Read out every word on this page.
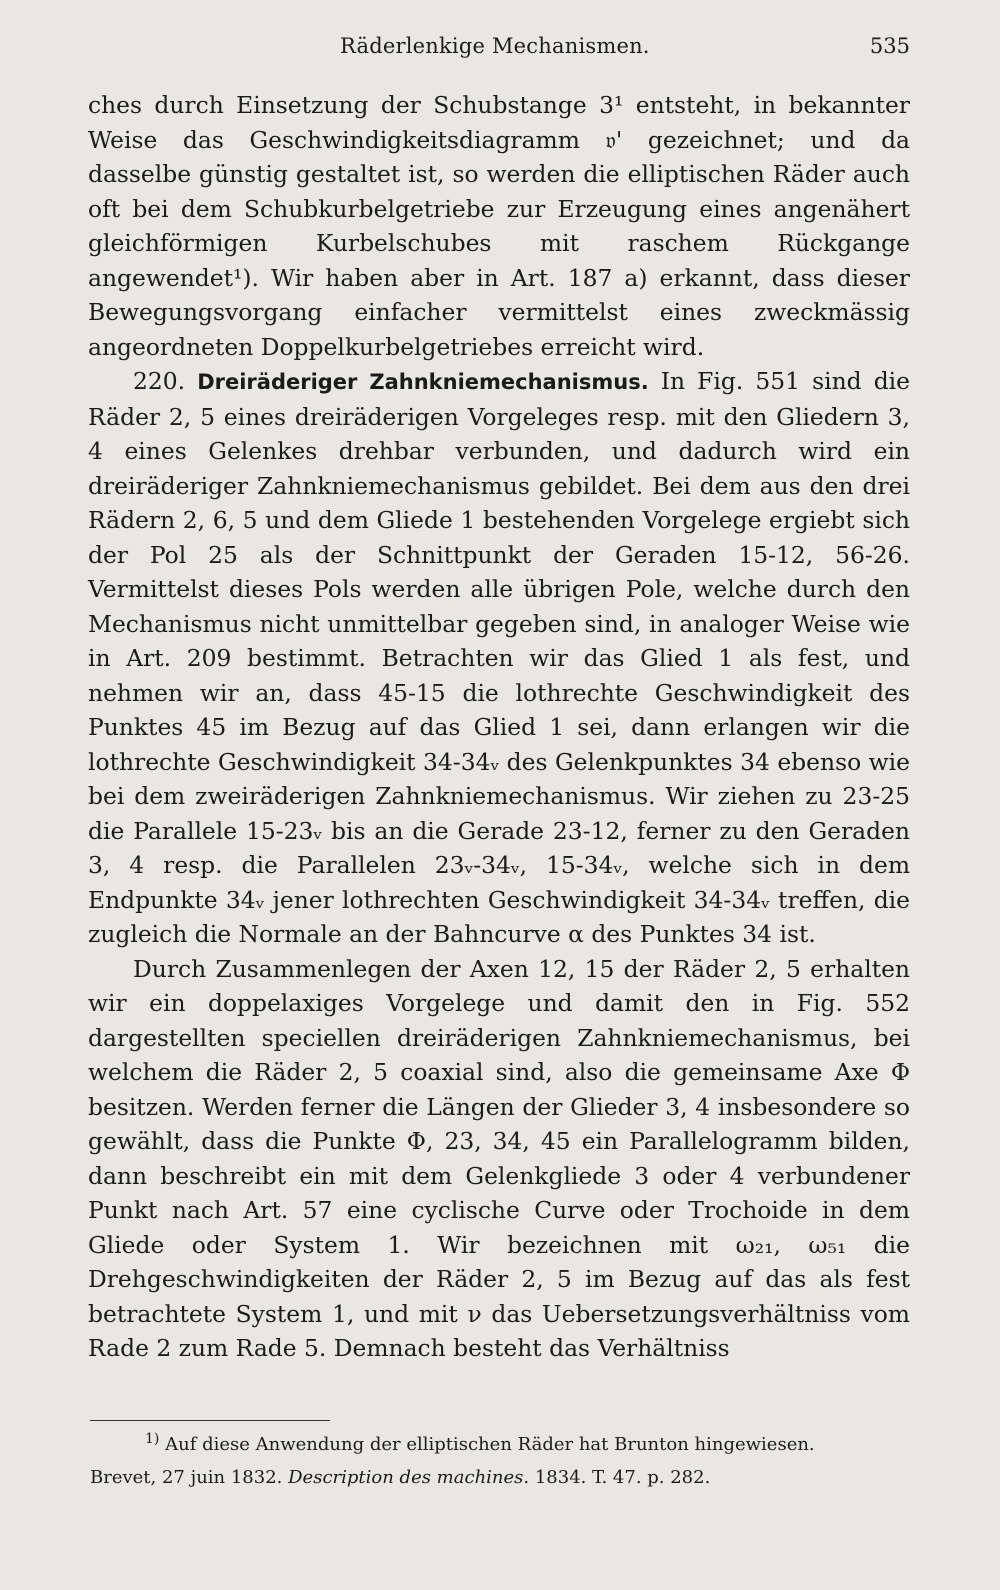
Räderlenkige Mechanismen.	535

ches durch Einsetzung der Schubstange 3¹ entsteht, in bekannter Weise das Geschwindigkeitsdiagramm 𝔳' gezeichnet; und da dasselbe günstig gestaltet ist, so werden die elliptischen Räder auch oft bei dem Schubkurbelgetriebe zur Erzeugung eines angenähert gleichförmigen Kurbelschubes mit raschem Rückgange angewendet¹). Wir haben aber in Art. 187 a) erkannt, dass dieser Bewegungsvorgang einfacher vermittelst eines zweckmässig angeordneten Doppelkurbelgetriebes erreicht wird.

220. Dreiräderiger Zahnkniemechanismus. In Fig. 551 sind die Räder 2, 5 eines dreiräderigen Vorgeleges resp. mit den Gliedern 3, 4 eines Gelenkes drehbar verbunden, und dadurch wird ein dreiräderiger Zahnkniemechanismus gebildet. Bei dem aus den drei Rädern 2, 6, 5 und dem Gliede 1 bestehenden Vorgelege ergiebt sich der Pol 25 als der Schnittpunkt der Geraden 15-12, 56-26. Vermittelst dieses Pols werden alle übrigen Pole, welche durch den Mechanismus nicht unmittelbar gegeben sind, in analoger Weise wie in Art. 209 bestimmt. Betrachten wir das Glied 1 als fest, und nehmen wir an, dass 45-15 die lothrechte Geschwindigkeit des Punktes 45 im Bezug auf das Glied 1 sei, dann erlangen wir die lothrechte Geschwindigkeit 34-34ᵥ des Gelenkpunktes 34 ebenso wie bei dem zweiräderigen Zahnkniemechanismus. Wir ziehen zu 23-25 die Parallele 15-23ᵥ bis an die Gerade 23-12, ferner zu den Geraden 3, 4 resp. die Parallelen 23ᵥ-34ᵥ, 15-34ᵥ, welche sich in dem Endpunkte 34ᵥ jener lothrechten Geschwindigkeit 34-34ᵥ treffen, die zugleich die Normale an der Bahncurve α des Punktes 34 ist.

Durch Zusammenlegen der Axen 12, 15 der Räder 2, 5 erhalten wir ein doppelaxiges Vorgelege und damit den in Fig. 552 dargestellten speciellen dreiräderigen Zahnkniemechanismus, bei welchem die Räder 2, 5 coaxial sind, also die gemeinsame Axe Φ besitzen. Werden ferner die Längen der Glieder 3, 4 insbesondere so gewählt, dass die Punkte Φ, 23, 34, 45 ein Parallelogramm bilden, dann beschreibt ein mit dem Gelenkgliede 3 oder 4 verbundener Punkt nach Art. 57 eine cyclische Curve oder Trochoide in dem Gliede oder System 1. Wir bezeichnen mit ω₂₁, ω₅₁ die Drehgeschwindigkeiten der Räder 2, 5 im Bezug auf das als fest betrachtete System 1, und mit ν das Uebersetzungsverhältniss vom Rade 2 zum Rade 5. Demnach besteht das Verhältniss

$^{1)}$ Auf diese Anwendung der elliptischen Räder hat Brunton hingewiesen.
Brevet, 27 juin 1832. Description des machines. 1834. T. 47. p. 282.
